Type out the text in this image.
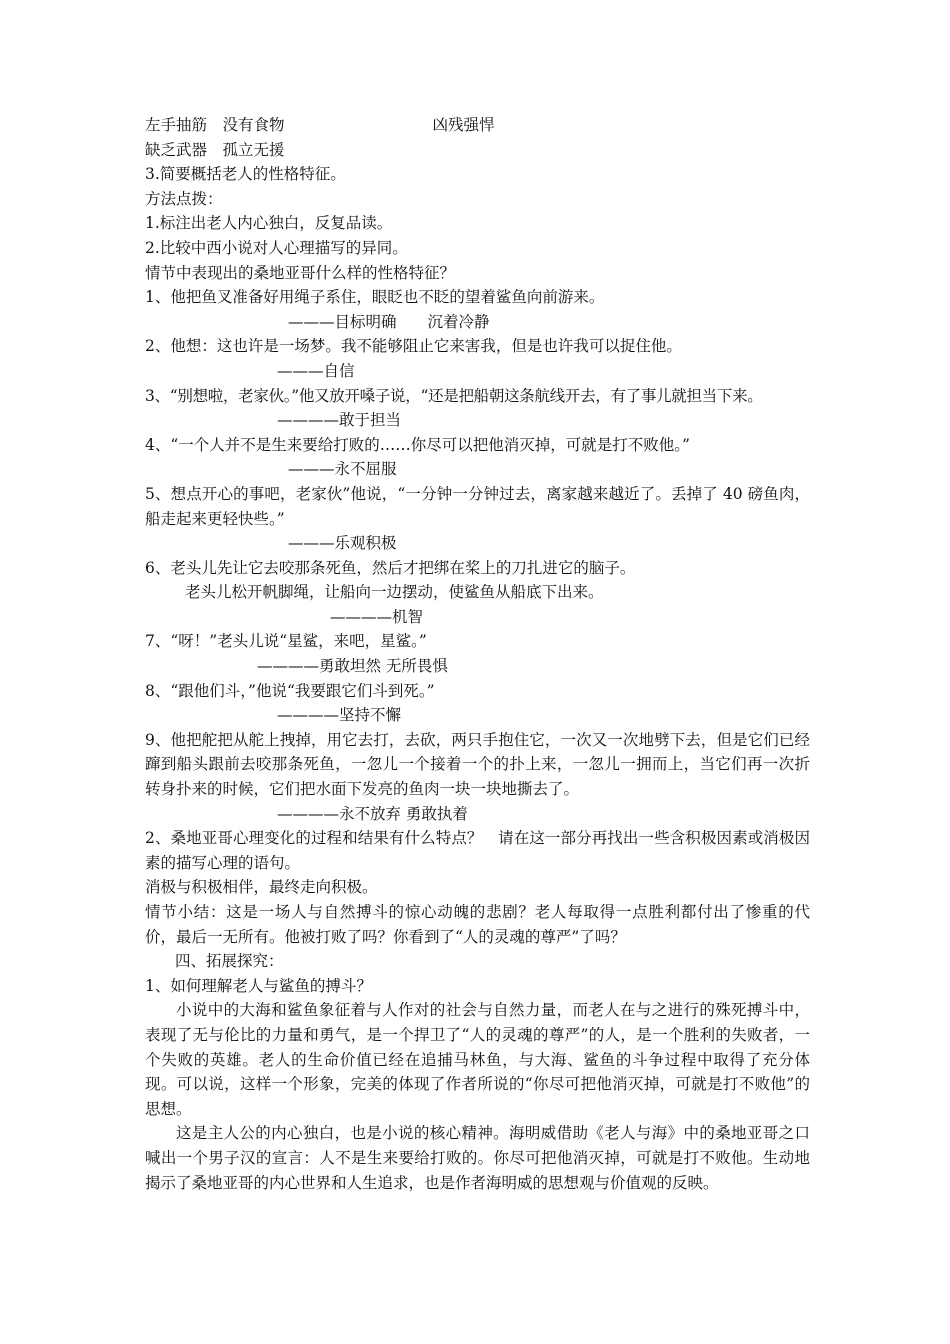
左手抽筋　没有食物	凶残强悍
缺乏武器　孤立无援
3.简要概括老人的性格特征。
方法点拨：
1.标注出老人内心独白，反复品读。
2.比较中西小说对人心理描写的异同。
情节中表现出的桑地亚哥什么样的性格特征？
1、他把鱼叉准备好用绳子系住，眼眨也不眨的望着鲨鱼向前游来。
———目标明确　　沉着冷静
2、他想：这也许是一场梦。我不能够阻止它来害我，但是也许我可以捉住他。
———自信
3、“别想啦，老家伙。”他又放开嗓子说，“还是把船朝这条航线开去，有了事儿就担当下来。
————敢于担当
4、“一个人并不是生来要给打败的……你尽可以把他消灭掉，可就是打不败他。”
———永不屈服
5、想点开心的事吧，老家伙”他说，“一分钟一分钟过去，离家越来越近了。丢掉了 40 磅鱼肉，船走起来更轻快些。”
———乐观积极
6、老头儿先让它去咬那条死鱼，然后才把绑在桨上的刀扎进它的脑子。
老头儿松开帆脚绳，让船向一边摆动，使鲨鱼从船底下出来。
————机智
7、“呀！”老头儿说“星鲨，来吧，星鲨。”
————勇敢坦然 无所畏惧
8、“跟他们斗，”他说“我要跟它们斗到死。”
————坚持不懈
9、他把舵把从舵上拽掉，用它去打，去砍，两只手抱住它，一次又一次地劈下去，但是它们已经蹿到船头跟前去咬那条死鱼，一忽儿一个接着一个的扑上来，一忽儿一拥而上，当它们再一次折转身扑来的时候，它们把水面下发亮的鱼肉一块一块地撕去了。
————永不放弃 勇敢执着
2、桑地亚哥心理变化的过程和结果有什么特点？　请在这一部分再找出一些含积极因素或消极因素的描写心理的语句。
消极与积极相伴，最终走向积极。
情节小结：这是一场人与自然搏斗的惊心动魄的悲剧？老人每取得一点胜利都付出了惨重的代价，最后一无所有。他被打败了吗？你看到了“人的灵魂的尊严”了吗？
四、拓展探究：
1、如何理解老人与鲨鱼的搏斗？
小说中的大海和鲨鱼象征着与人作对的社会与自然力量，而老人在与之进行的殊死搏斗中，表现了无与伦比的力量和勇气，是一个捍卫了“人的灵魂的尊严”的人，是一个胜利的失败者，一个失败的英雄。老人的生命价值已经在追捕马林鱼，与大海、鲨鱼的斗争过程中取得了充分体现。可以说，这样一个形象，完美的体现了作者所说的“你尽可把他消灭掉，可就是打不败他”的思想。
这是主人公的内心独白，也是小说的核心精神。海明威借助《老人与海》中的桑地亚哥之口喊出一个男子汉的宣言：人不是生来要给打败的。你尽可把他消灭掉，可就是打不败他。生动地揭示了桑地亚哥的内心世界和人生追求，也是作者海明威的思想观与价值观的反映。
